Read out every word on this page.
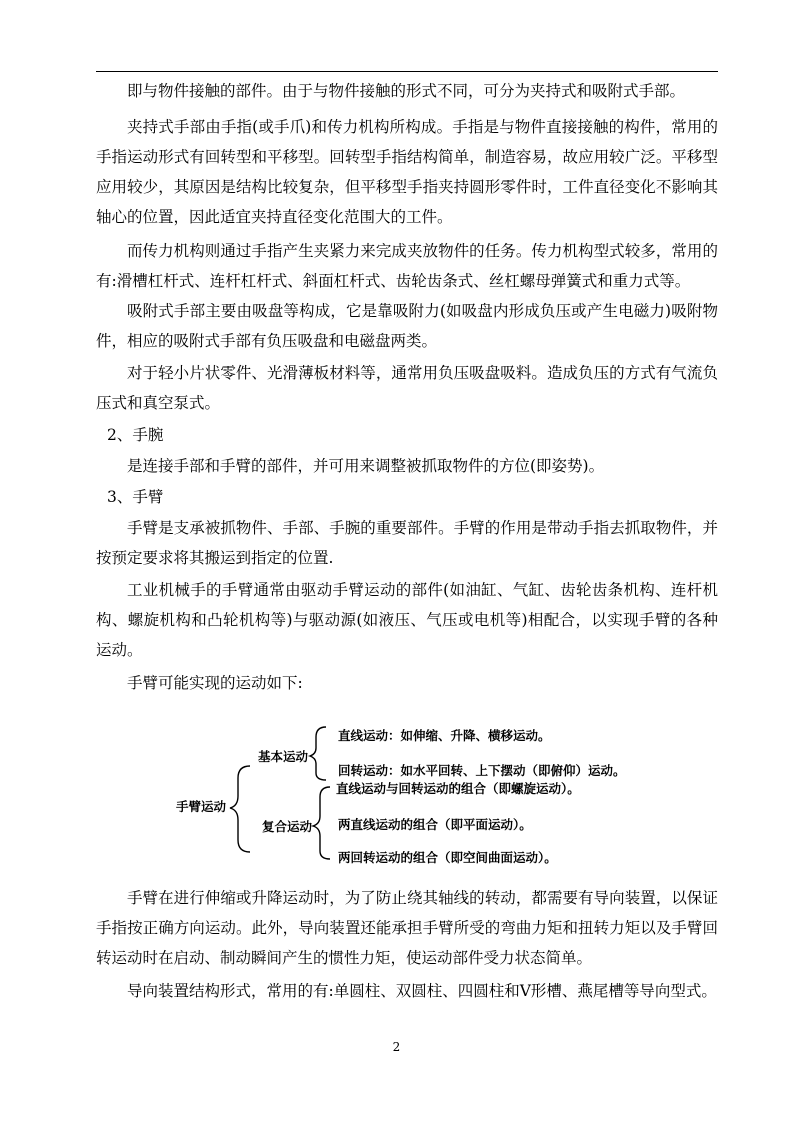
即与物件接触的部件。由于与物件接触的形式不同，可分为夹持式和吸附式手部。

夹持式手部由手指(或手爪)和传力机构所构成。手指是与物件直接接触的构件，常用的手指运动形式有回转型和平移型。回转型手指结构简单，制造容易，故应用较广泛。平移型应用较少，其原因是结构比较复杂，但平移型手指夹持圆形零件时，工件直径变化不影响其轴心的位置，因此适宜夹持直径变化范围大的工件。

而传力机构则通过手指产生夹紧力来完成夹放物件的任务。传力机构型式较多，常用的有:滑槽杠杆式、连杆杠杆式、斜面杠杆式、齿轮齿条式、丝杠螺母弹簧式和重力式等。

吸附式手部主要由吸盘等构成，它是靠吸附力(如吸盘内形成负压或产生电磁力)吸附物件，相应的吸附式手部有负压吸盘和电磁盘两类。

对于轻小片状零件、光滑薄板材料等，通常用负压吸盘吸料。造成负压的方式有气流负压式和真空泵式。

2、手腕

是连接手部和手臂的部件，并可用来调整被抓取物件的方位(即姿势)。

3、手臂

手臂是支承被抓物件、手部、手腕的重要部件。手臂的作用是带动手指去抓取物件，并按预定要求将其搬运到指定的位置.

工业机械手的手臂通常由驱动手臂运动的部件(如油缸、气缸、齿轮齿条机构、连杆机构、螺旋机构和凸轮机构等)与驱动源(如液压、气压或电机等)相配合，以实现手臂的各种运动。

手臂可能实现的运动如下:

手臂运动
基本运动
复合运动
直线运动：如伸缩、升降、横移运动。
回转运动：如水平回转、上下摆动（即俯仰）运动。
直线运动与回转运动的组合（即螺旋运动）。
两直线运动的组合（即平面运动）。
两回转运动的组合（即空间曲面运动）。

手臂在进行伸缩或升降运动时，为了防止绕其轴线的转动，都需要有导向装置，以保证手指按正确方向运动。此外，导向装置还能承担手臂所受的弯曲力矩和扭转力矩以及手臂回转运动时在启动、制动瞬间产生的惯性力矩，使运动部件受力状态简单。

导向装置结构形式，常用的有:单圆柱、双圆柱、四圆柱和V形槽、燕尾槽等导向型式。

2
